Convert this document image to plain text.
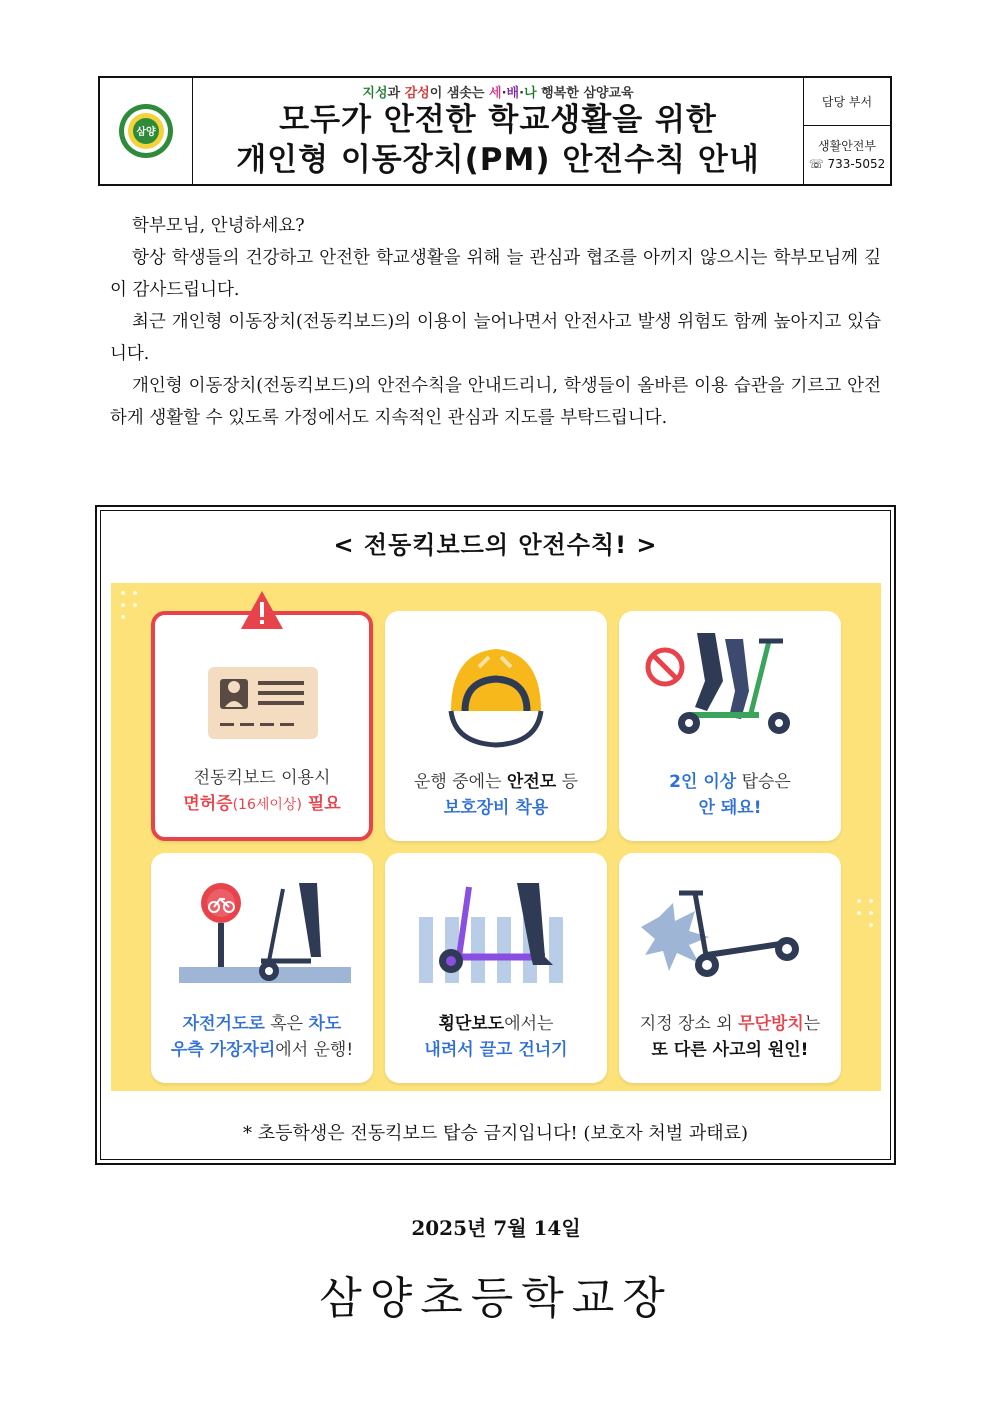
삼양
지성과 감성이 샘솟는 세·배·나 행복한 삼양교육
모두가 안전한 학교생활을 위한
개인형 이동장치(PM) 안전수칙 안내
담당 부서
생활안전부
☏ 733-5052

학부모님, 안녕하세요?

항상 학생들의 건강하고 안전한 학교생활을 위해 늘 관심과 협조를 아끼지 않으시는 학부모님께 깊이 감사드립니다.

최근 개인형 이동장치(전동킥보드)의 이용이 늘어나면서 안전사고 발생 위험도 함께 높아지고 있습니다.

개인형 이동장치(전동킥보드)의 안전수칙을 안내드리니, 학생들이 올바른 이용 습관을 기르고 안전하게 생활할 수 있도록 가정에서도 지속적인 관심과 지도를 부탁드립니다.

< 전동킥보드의 안전수칙! >
전동킥보드 이용시
면허증(16세이상) 필요
운행 중에는 안전모 등
보호장비 착용
2인 이상 탑승은
안 돼요!
자전거도로 혹은 차도
우측 가장자리에서 운행!
횡단보도에서는
내려서 끌고 건너기
지정 장소 외 무단방치는
또 다른 사고의 원인!
* 초등학생은 전동킥보드 탑승 금지입니다! (보호자 처벌 과태료)
2025년 7월 14일
삼양초등학교장
